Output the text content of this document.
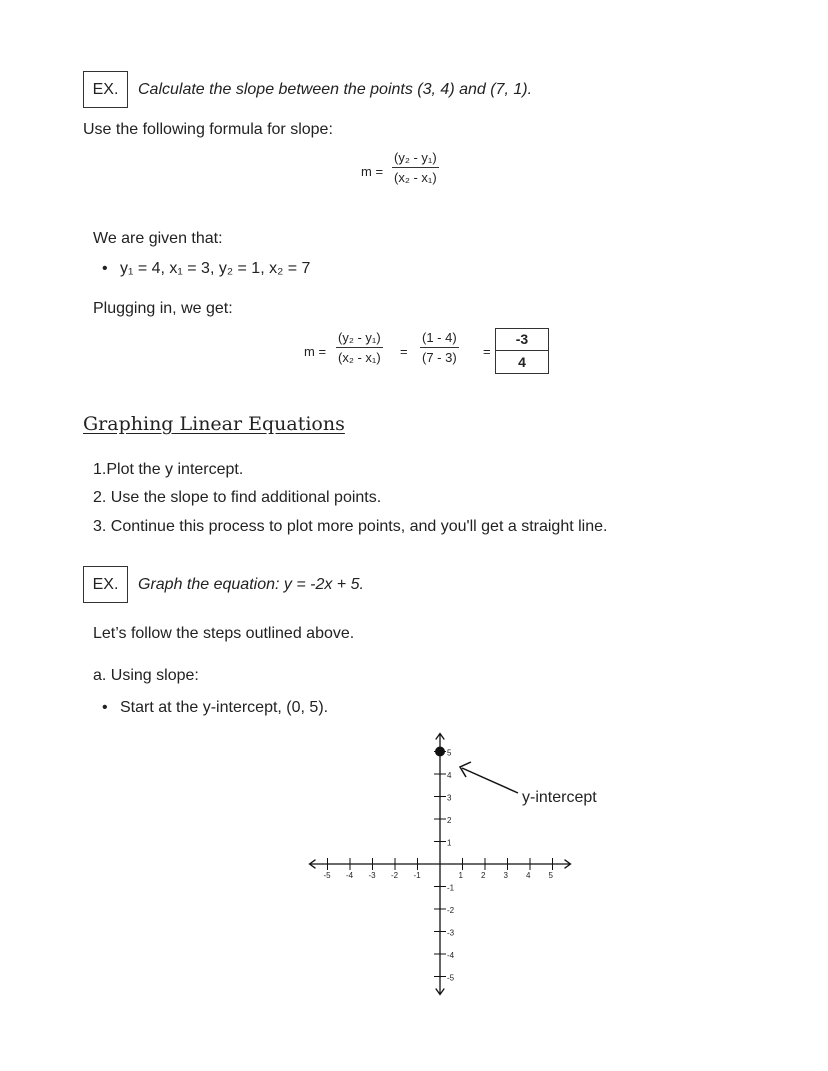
EX. Calculate the slope between the points (3, 4) and (7, 1).
Use the following formula for slope:
$m = \frac{\text{(y₂ - y₁)}}{\text{(x₂ - x₁)}}$
We are given that:
• y₁ = 4, x₁ = 3, y₂ = 1, x₂ = 7
Plugging in, we get:
$m = \frac{\text{(y₂ - y₁)}}{\text{(x₂ - x₁)}} = \frac{(1 - 4)}{(7 - 3)} = \frac{-3}{4}$
Graphing Linear Equations
1.Plot the y intercept.
2. Use the slope to find additional points.
3. Continue this process to plot more points, and you'll get a straight line.
EX. Graph the equation: y = -2x + 5.
Let’s follow the steps outlined above.
a. Using slope:
• Start at the y-intercept, (0, 5).
-5 -4 -3 -2 -1	1 2 3 4 5
5
4
3
2
1
-1
-2
-3
-4
-5
y-intercept
